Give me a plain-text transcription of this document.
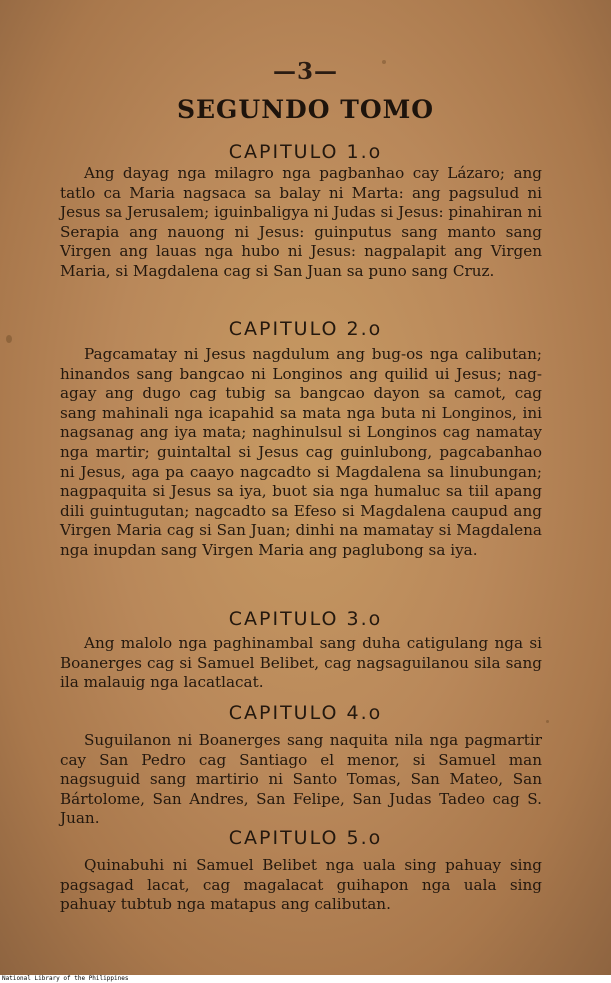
—3—
SEGUNDO TOMO
CAPITULO 1.o
Ang dayag nga milagro nga pagbanhao cay Lázaro; ang tatlo ca Maria nagsaca sa balay ni Marta: ang pagsulud ni Jesus sa Jerusalem; iguinbaligya ni Judas si Jesus: pinahiran ni Serapia ang nauong ni Jesus: guinputus sang manto sang Virgen ang lauas nga hubo ni Jesus: nagpalapit ang Virgen Maria, si Magdalena cag si San Juan sa puno sang Cruz.
CAPITULO 2.o
Pagcamatay ni Jesus nagdulum ang bug-os nga calibutan; hinandos sang bangcao ni Longinos ang quilid ui Jesus; nag-agay ang dugo cag tubig sa bangcao dayon sa camot, cag sang mahinali nga icapahid sa mata nga buta ni Longinos, ini nagsanag ang iya mata; naghinulsul si Longinos cag namatay nga martir; guintaltal si Jesus cag guinlubong, pagcabanhao ni Jesus, aga pa caayo nagcadto si Magdalena sa linubungan; nagpaquita si Jesus sa iya, buot sia nga humaluc sa tiil apang dili guintugutan; nagcadto sa Efeso si Magdalena caupud ang Virgen Maria cag si San Juan; dinhi na mamatay si Magdalena nga inupdan sang Virgen Maria ang paglubong sa iya.
CAPITULO 3.o
Ang malolo nga paghinambal sang duha catigulang nga si Boanerges cag si Samuel Belibet, cag nagsaguilanou sila sang ila malauig nga lacatlacat.
CAPITULO 4.o
Suguilanon ni Boanerges sang naquita nila nga pagmartir cay San Pedro cag Santiago el menor, si Samuel man nagsuguid sang martirio ni Santo Tomas, San Mateo, San Bártolome, San Andres, San Felipe, San Judas Tadeo cag S. Juan.
CAPITULO 5.o
Quinabuhi ni Samuel Belibet nga uala sing pahuay sing pagsagad lacat, cag magalacat guihapon nga uala sing pahuay tubtub nga matapus ang calibutan.
National Library of the Philippines
